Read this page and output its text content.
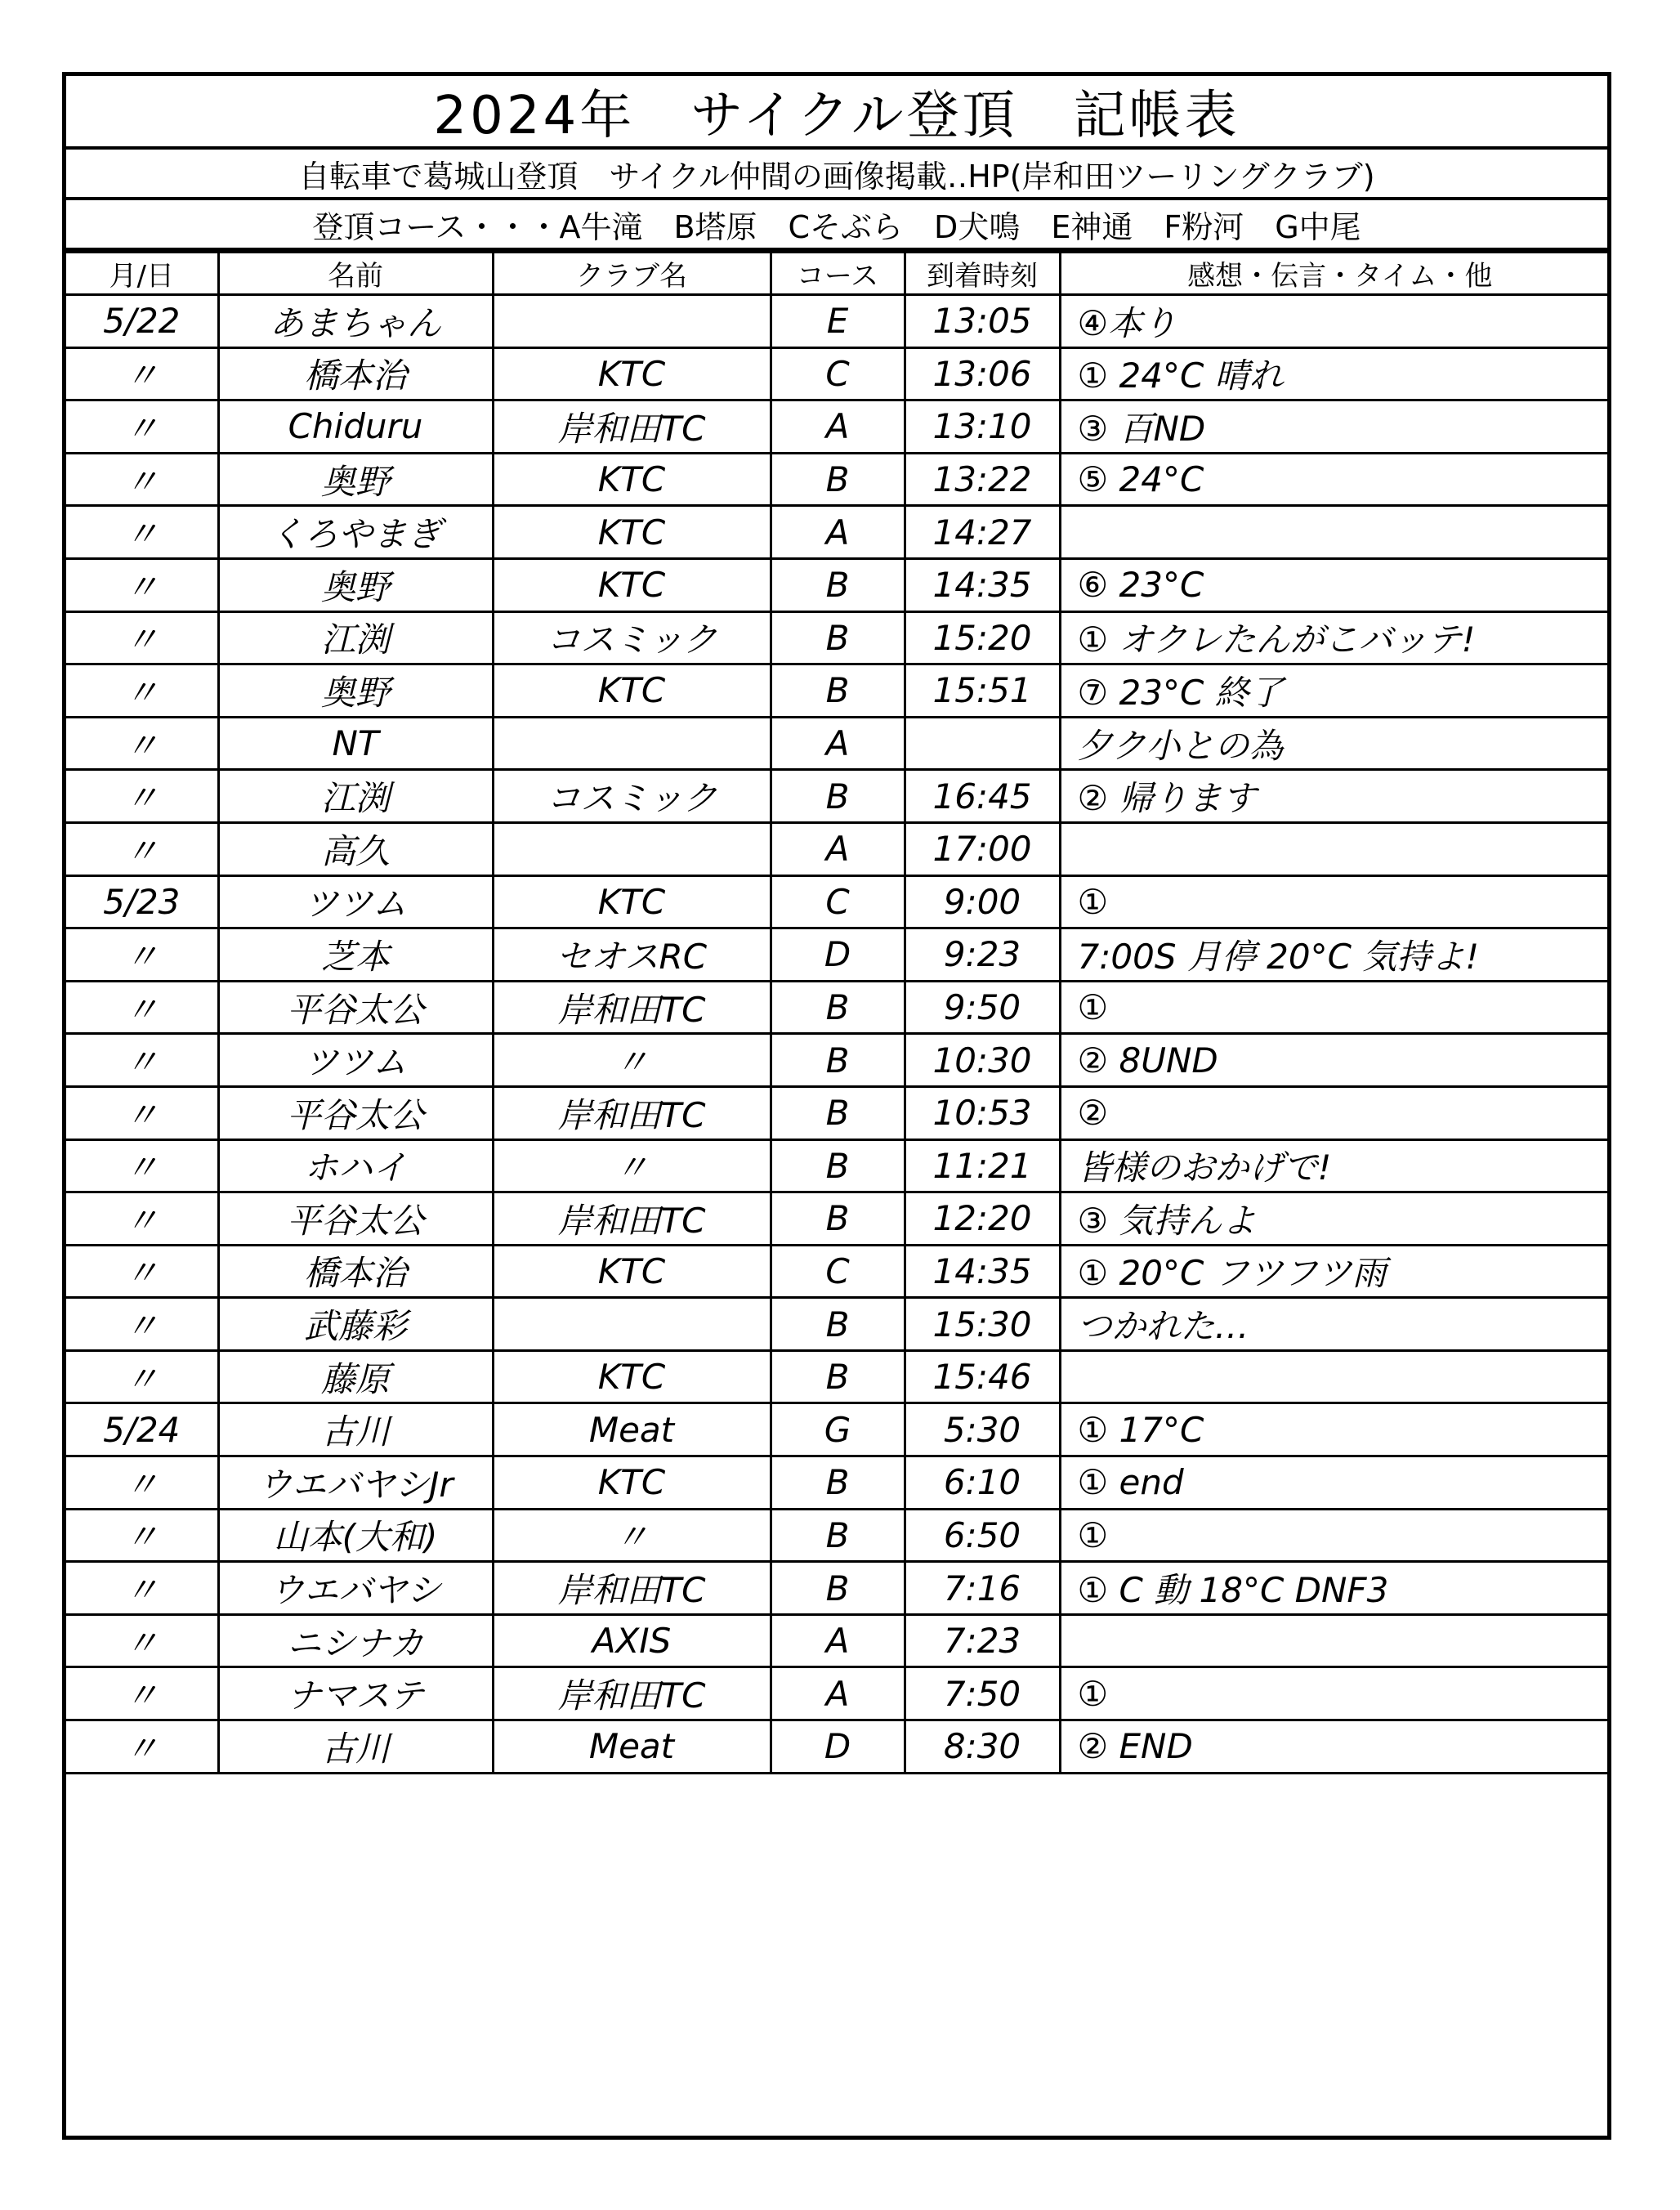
2024年　サイクル登頂　記帳表
自転車で葛城山登頂　サイクル仲間の画像掲載‥HP(岸和田ツーリングクラブ)
登頂コース・・・A牛滝　B塔原　Cそぶら　D犬鳴　E神通　F粉河　G中尾
月/日	名前	クラブ名	コース	到着時刻	感想・伝言・タイム・他
5/22	あまちゃん		E	13:05	④本り
〃	橋本治	KTC	C	13:06	① 24°C 晴れ
〃	Chiduru	岸和田TC	A	13:10	③ 百ND
〃	奥野	KTC	B	13:22	⑤ 24°C
〃	くろやまぎ	KTC	A	14:27	
〃	奥野	KTC	B	14:35	⑥ 23°C
〃	江渕	コスミック	B	15:20	① オクレたんがこバッテ!
〃	奥野	KTC	B	15:51	⑦ 23°C 終了
〃	NT		A		夕ク小との為
〃	江渕	コスミック	B	16:45	② 帰ります
〃	高久		A	17:00	
5/23	ツツム	KTC	C	9:00	①
〃	芝本	セオスRC	D	9:23	7:00S 月停 20°C 気持よ!
〃	平谷太公	岸和田TC	B	9:50	①
〃	ツツム	〃	B	10:30	② 8UND
〃	平谷太公	岸和田TC	B	10:53	②
〃	ホハイ	〃	B	11:21	皆様のおかげで!
〃	平谷太公	岸和田TC	B	12:20	③ 気持んよ
〃	橋本治	KTC	C	14:35	① 20°C フツフツ雨
〃	武藤彩		B	15:30	つかれた…
〃	藤原	KTC	B	15:46	
5/24	古川	Meat	G	5:30	① 17°C
〃	ウエバヤシJr	KTC	B	6:10	① end
〃	山本(大和)	〃	B	6:50	①
〃	ウエバヤシ	岸和田TC	B	7:16	① C 動 18°C DNF3
〃	ニシナカ	AXIS	A	7:23	
〃	ナマステ	岸和田TC	A	7:50	①
〃	古川	Meat	D	8:30	② END
